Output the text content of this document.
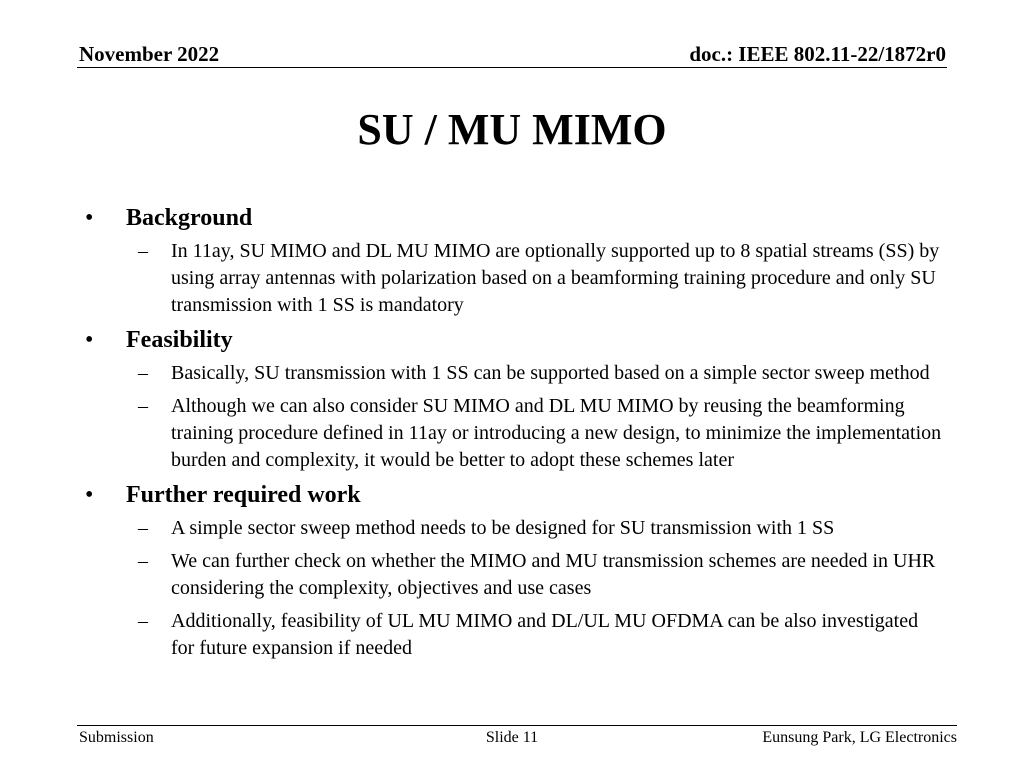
November 2022	doc.: IEEE 802.11-22/1872r0
SU / MU MIMO
• Background
– In 11ay, SU MIMO and DL MU MIMO are optionally supported up to 8 spatial streams (SS) by using array antennas with polarization based on a beamforming training procedure and only SU transmission with 1 SS is mandatory
• Feasibility
– Basically, SU transmission with 1 SS can be supported based on a simple sector sweep method
– Although we can also consider SU MIMO and DL MU MIMO by reusing the beamforming training procedure defined in 11ay or introducing a new design, to minimize the implementation burden and complexity, it would be better to adopt these schemes later
• Further required work
– A simple sector sweep method needs to be designed for SU transmission with 1 SS
– We can further check on whether the MIMO and MU transmission schemes are needed in UHR considering the complexity, objectives and use cases
– Additionally, feasibility of UL MU MIMO and DL/UL MU OFDMA can be also investigated for future expansion if needed
Submission	Slide 11	Eunsung Park, LG Electronics
